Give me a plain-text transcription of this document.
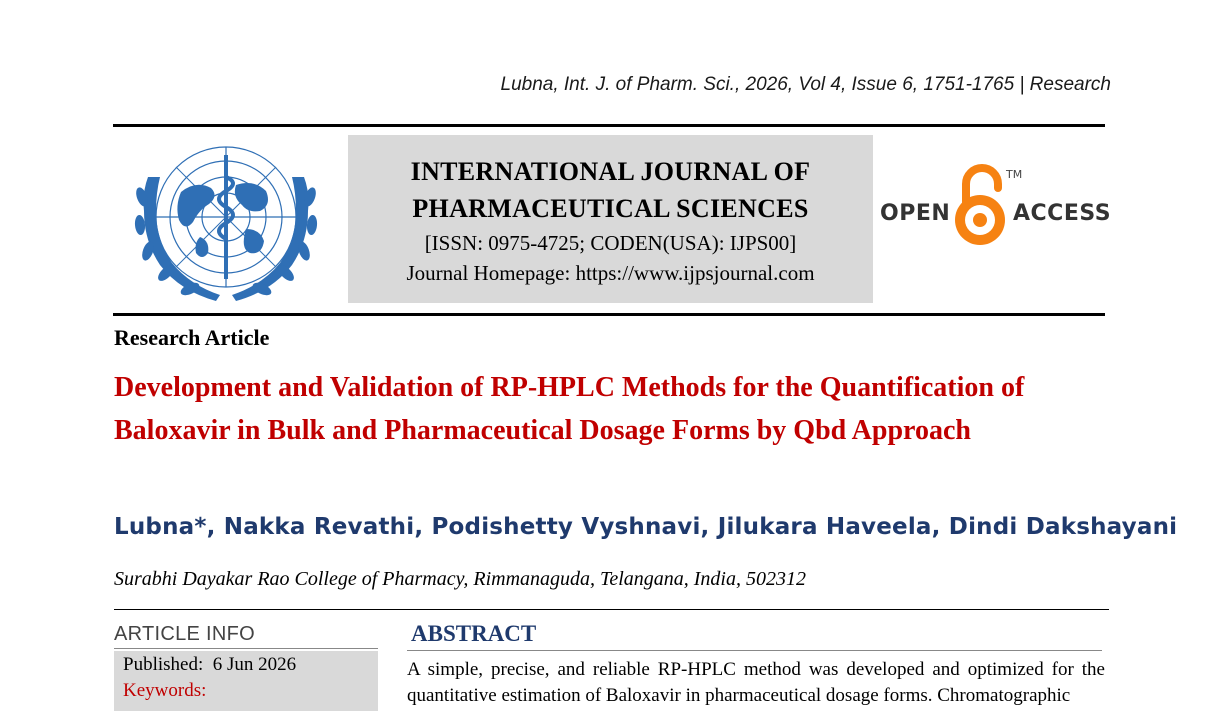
Lubna, Int. J. of Pharm. Sci., 2026, Vol 4, Issue 6, 1751-1765 | Research
INTERNATIONAL JOURNAL OF
PHARMACEUTICAL SCIENCES
[ISSN: 0975-4725; CODEN(USA): IJPS00]
Journal Homepage: https://www.ijpsjournal.com
OPEN
TM
ACCESS
Research Article
Development and Validation of RP-HPLC Methods for the Quantification of Baloxavir in Bulk and Pharmaceutical Dosage Forms by Qbd Approach
Lubna*, Nakka Revathi, Podishetty Vyshnavi, Jilukara Haveela, Dindi Dakshayani
Surabhi Dayakar Rao College of Pharmacy, Rimmanaguda, Telangana, India, 502312
ARTICLE INFO
Published:  6 Jun 2026
Keywords:
ABSTRACT
A simple, precise, and reliable RP-HPLC method was developed and optimized for the quantitative estimation of Baloxavir in pharmaceutical dosage forms. Chromatographic
